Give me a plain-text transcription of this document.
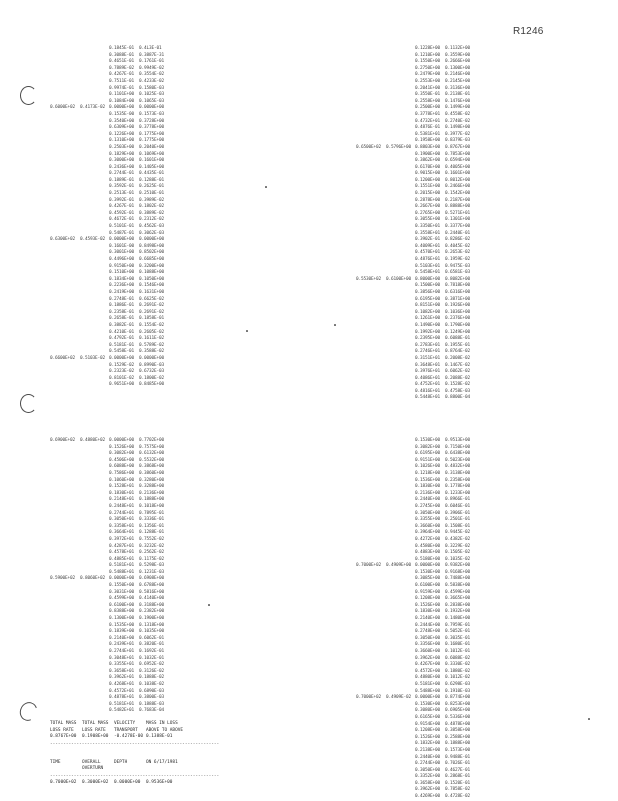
R1246
0.1845E-01	0.4L3E-01
0.3088E-01	0.3887E-31
0.4651E-01	0.1761E-01
0.7889E-02	0.9949E-02
0.4267E-01	0.3554E-02
0.7511E-01	0.4233E-02
0.9974E-01	0.1580E-03
0.1101E+00	0.1025E-03
0.1084E+00	0.1065E-03
0.6000E+02	0.4173E-02 0.0000E+00	0.0000E+00
0.1535E-00	0.1573E-03
0.3540E+00	0.3728E+00
0.6309E+00	0.3778E+00
0.1226E+00	0.1775E+00
0.1310E+00	0.1775E+00
0.2503E+00	0.2040E+00
0.1829E+00	0.1069E+00
0.3000E+00	0.1601E+00
0.2436E+00	0.1405E+00
0.2744E-01	0.4435E-01
0.1889E-01	0.1288E-01
0.3592E-01	0.2625E-01
0.2513E-01	0.2510E-01
0.3992E-01	0.3989E-02
0.4267E-01	0.1802E-02
0.4592E-01	0.3889E-02
0.4672E-01	0.2312E-02
0.5101E-01	0.4562E-03
0.5487E-01	0.3062E-03
0.6300E+02	0.4593E-02 0.0000E+00	0.0000E+00
0.1601E-00	0.8498E+00
0.3001E+00	0.8502E+00
0.4496E+00	0.6685E+00
0.9150E+00	0.3200E+00
0.1510E+00	0.1088E+00
0.1834E+00	0.1050E+00
0.2236E+00	0.1546E+00
0.2419E+00	0.1631E+00
0.2748E-01	0.6625E-02
0.1886E-01	0.2691E-02
0.2358E-01	0.2691E-02
0.2658E-01	0.1858E-01
0.3882E-01	0.1554E-02
0.4210E-01	0.2605E-02
0.4792E-01	0.1611E-02
0.5181E-01	0.5789E-02
0.5458E-01	0.3588E-02
0.6600E+02	0.5103E-02 0.0000E+00	0.0000E+00
0.1529E-02	0.8990E-03
0.2323E-02	0.6732E-03
0.8101E-02	0.1800E-02
0.9651E+00	0.8485E+00
0.1228E+00	0.1132E+00
0.1210E+00	0.3559E+00
0.1550E+00	0.2666E+00
0.2750E+00	0.1300E+00
0.2479E+00	0.2146E+00
0.2553E+00	0.2145E+00
0.2041E+00	0.3136E+00
0.3550E-01	0.2138E-01
0.2558E+00	0.1476E+00
0.2500E+00	0.1499E+00
0.3778E+01	0.4558E-02
0.4732E+01	0.2740E-02
0.4876E-01	0.1498E+00
0.5381E+01	0.3977E-02
0.1958E+00	0.8379E-03
0.6500E+02	0.5796E+00 0.8803E+00	0.8767E+00
0.1900E+00	0.7853E+00
0.3862E+00	0.6594E+00
0.6170E+00	0.4005E+00
0.9015E+00	0.1601E+00
0.1200E+00	0.8012E+00
0.1551E+00	0.2466E+00
0.2015E+00	0.1542E+00
0.2878E+00	0.2187E+00
0.2667E+00	0.8888E+00
0.2765E+00	0.5271E+01
0.3055E+00	0.1301E+00
0.3350E+01	0.3377E+00
0.3558E+01	0.2440E-01
0.3902E-01	0.8286E-02
0.4009E+01	0.4045E-02
0.4570E+01	0.2653E-02
0.4876E+01	0.1959E-02
0.5103E+01	0.9475E-03
0.5458E+01	0.6581E-03
0.5530E+02	0.6100E+00 0.8000E+00	0.8082E+00
0.1500E+00	0.7818E+00
0.3856E+00	0.6316E+00
0.6195E+00	0.3871E+00
0.8151E+00	0.1926E+00
0.1082E+00	0.1036E+00
0.1261E+00	0.2376E+00
0.1490E+00	0.1790E+00
0.1992E+00	0.1249E+00
0.2395E+00	0.6088E-01
0.2783E+01	0.1955E-01
0.2746E+01	0.8764E-02
0.3151E+01	0.2008E-02
0.3648E+01	0.1467E-02
0.3976E+01	0.6062E-02
0.4086E+01	0.2088E-02
0.4752E+01	0.1528E-02
0.4816E+01	0.4758E-03
0.5448E+01	0.8800E-04
0.6900E+02	0.4880E+02 0.0000E+00	0.7702E+00
0.1526E+00	0.7575E+00
0.3082E+00	0.6132E+00
0.4506E+00	0.5532E+00
0.6088E+00	0.3868E+00
0.7586E+00	0.3860E+00
0.1060E+00	0.3280E+00
0.1528E+01	0.3288E+00
0.1830E+01	0.2136E+00
0.2148E+01	0.1888E+00
0.2448E+01	0.1018E+00
0.2744E+01	0.7895E-01
0.3050E+01	0.3336E-01
0.3358E+01	0.1356E-01
0.3664E+01	0.1288E-01
0.3972E+01	0.7552E-02
0.4287E+01	0.3232E-02
0.4578E+01	0.2562E-02
0.4885E+01	0.1175E-02
0.5181E+01	0.5298E-03
0.5488E+01	0.1231E-03
0.5900E+02	0.8060E+02 0.0000E+00	0.6908E+00
0.1550E+00	0.6788E+00
0.3031E+00	0.5816E+00
0.4599E+00	0.4140E+00
0.6100E+00	0.3188E+00
0.8388E+00	0.2382E+00
0.1300E+00	0.1900E+00
0.1535E+00	0.1318E+00
0.1839E+00	0.1035E+00
0.2140E+00	0.6062E-01
0.2439E+01	0.3820E-01
0.2744E+01	0.1692E-01
0.3048E+01	0.1032E-01
0.3355E+01	0.6952E-02
0.3658E+01	0.3126E-02
0.3962E+01	0.1888E-02
0.4268E+01	0.1038E-02
0.4572E+01	0.6890E-03
0.4878E+01	0.3800E-03
0.5181E+01	0.1888E-03
0.5482E+01	0.7683E-04
TOTAL MASS	TOTAL MASS	VELOCITY	MASS IN LOSS
LOSS RATE	LOSS RATE	TRANSPORT	ABOVE TO ABOVE
0.8767E+00	0.1908E+00	-0.4278E-00 0.1388E-01
----------------------------------------------------------------
TIME	OVERALL	DEPTH	ON 6/17/1981
OVERTURN
----------------------------------------------------------------
0.7000E+02	0.3000E+02	0.0000E+00	0.9536E+00
0.1530E+00	0.9513E+00
0.3082E+00	0.7150E+00
0.6195E+00	0.6438E+00
0.9151E+00	0.5023E+00
0.1026E+00	0.4832E+00
0.1218E+00	0.3138E+00
0.1536E+00	0.2358E+00
0.1830E+00	0.1778E+00
0.2136E+00	0.1233E+00
0.2440E+00	0.8966E-01
0.2745E+00	0.6046E-01
0.3050E+00	0.3906E-01
0.3355E+00	0.2501E-01
0.3660E+00	0.1508E-01
0.3964E+00	0.9445E-02
0.4272E+00	0.4382E-02
0.4580E+00	0.3229E-02
0.4883E+00	0.1505E-02
0.5180E+00	0.1035E-02
0.7000E+02	0.4909E+00 0.0000E+00	0.9382E+00
0.1530E+00	0.9168E+00
0.3085E+00	0.7488E+00
0.6100E+00	0.5838E+00
0.9159E+00	0.4599E+00
0.1208E+00	0.3665E+00
0.1526E+00	0.2838E+00
0.1830E+00	0.1932E+00
0.2140E+00	0.1480E+00
0.2444E+00	0.7959E-01
0.2748E+00	0.5052E-01
0.3050E+00	0.3035E-01
0.3356E+00	0.1680E-01
0.3660E+00	0.1012E-01
0.3962E+00	0.6088E-02
0.4267E+00	0.3330E-02
0.4572E+00	0.1880E-02
0.4880E+00	0.1012E-02
0.5181E+00	0.6298E-03
0.5488E+00	0.1910E-03
0.7000E+02	0.4909E-02 0.0000E+00	0.8774E+00
0.1530E+00	0.8253E+00
0.3080E+00	0.6905E+00
0.6165E+00	0.5336E+00
0.9154E+00	0.4878E+00
0.1208E+00	0.3858E+00
0.1526E+00	0.2588E+00
0.1832E+00	0.1888E+00
0.2138E+00	0.1573E+00
0.2440E+00	0.9488E-01
0.2744E+00	0.7026E-01
0.3050E+00	0.4627E-01
0.3352E+00	0.2868E-01
0.3658E+00	0.1520E-01
0.3962E+00	0.7858E-02
0.4269E+00	0.4728E-02
